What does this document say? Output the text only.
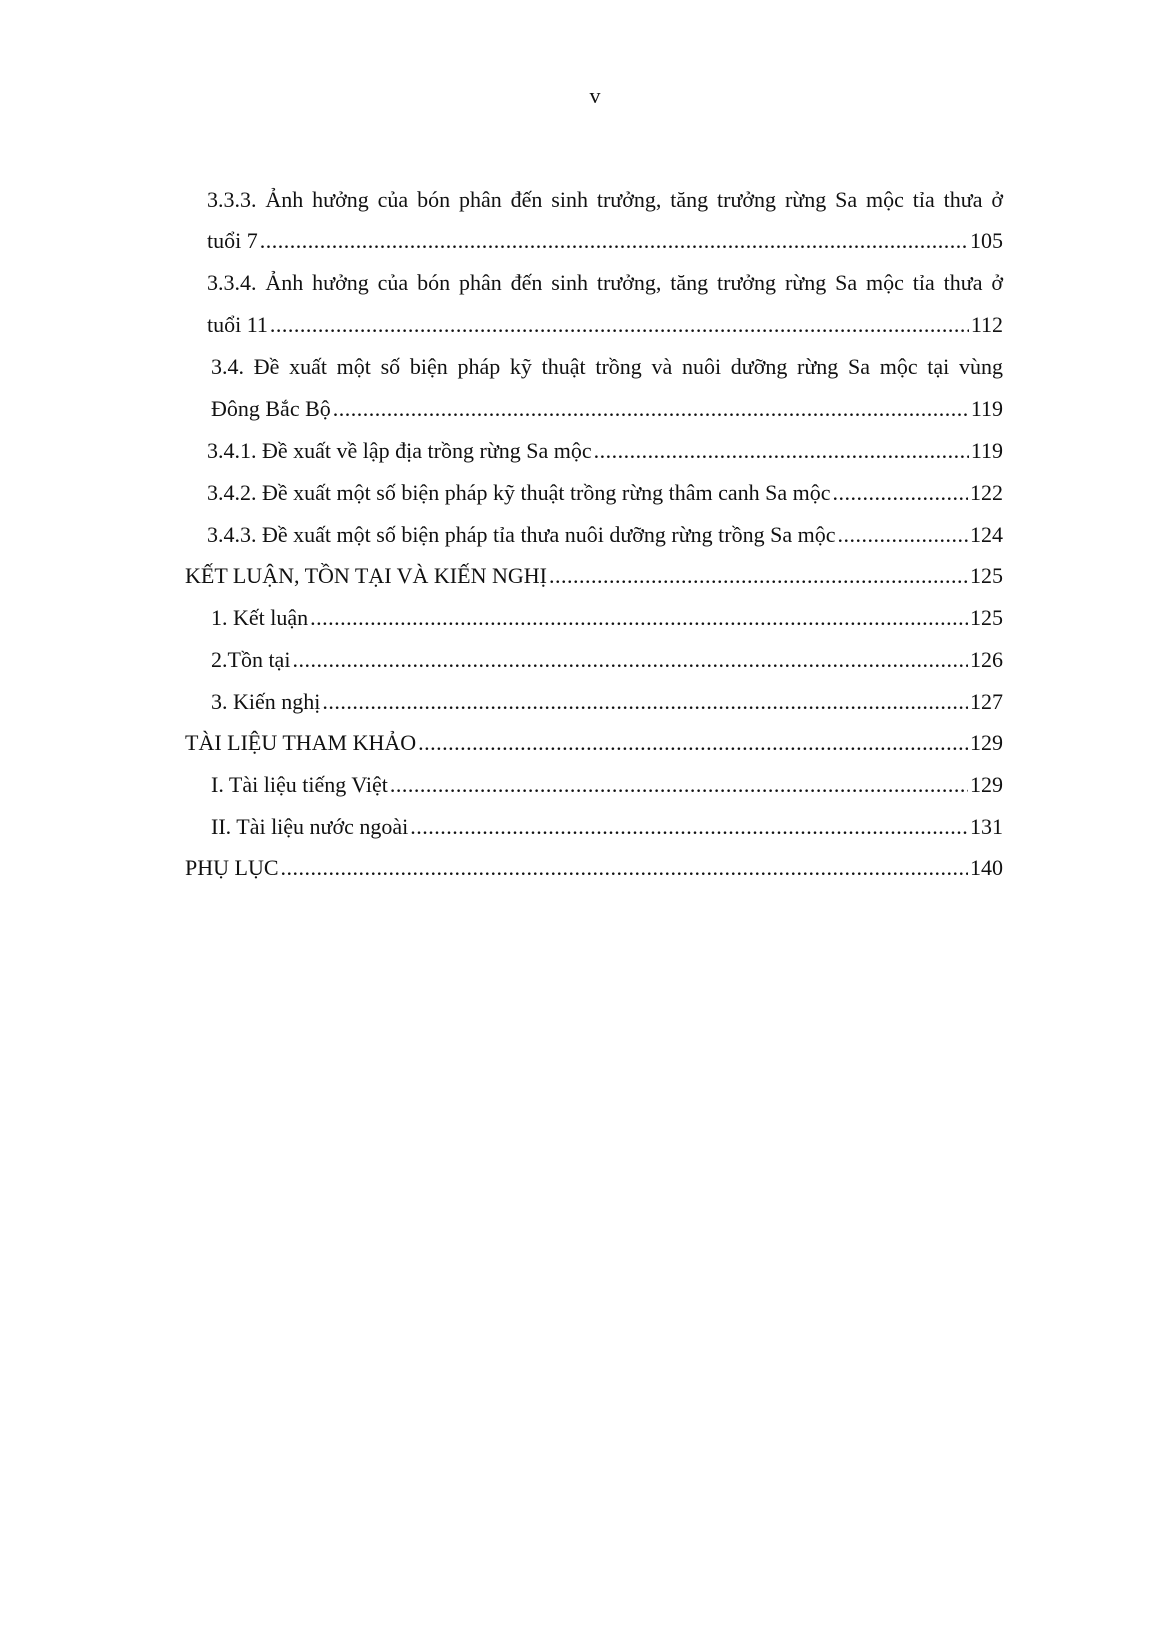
v
3.3.3. Ảnh hưởng của bón phân đến sinh trưởng, tăng trưởng rừng Sa mộc tỉa thưa ở
tuổi 7 .....	105
3.3.4. Ảnh hưởng của bón phân đến sinh trưởng, tăng trưởng rừng Sa mộc tỉa thưa ở
tuổi 11 .....	112
3.4. Đề xuất một số biện pháp kỹ thuật trồng và nuôi dưỡng rừng Sa mộc tại vùng
Đông Bắc Bộ .....	119
3.4.1. Đề xuất về lập địa trồng rừng Sa mộc .....	119
3.4.2. Đề xuất một số biện pháp kỹ thuật trồng rừng thâm canh Sa mộc .....	122
3.4.3. Đề xuất một số biện pháp tỉa thưa nuôi dưỡng rừng trồng Sa mộc .....	124
KẾT LUẬN, TỒN TẠI VÀ KIẾN NGHỊ .....	125
1. Kết luận .....	125
2.Tồn tại .....	126
3. Kiến nghị .....	127
TÀI LIỆU THAM KHẢO .....	129
I. Tài liệu tiếng Việt .....	129
II. Tài liệu nước ngoài .....	131
PHỤ LỤC .....	140
